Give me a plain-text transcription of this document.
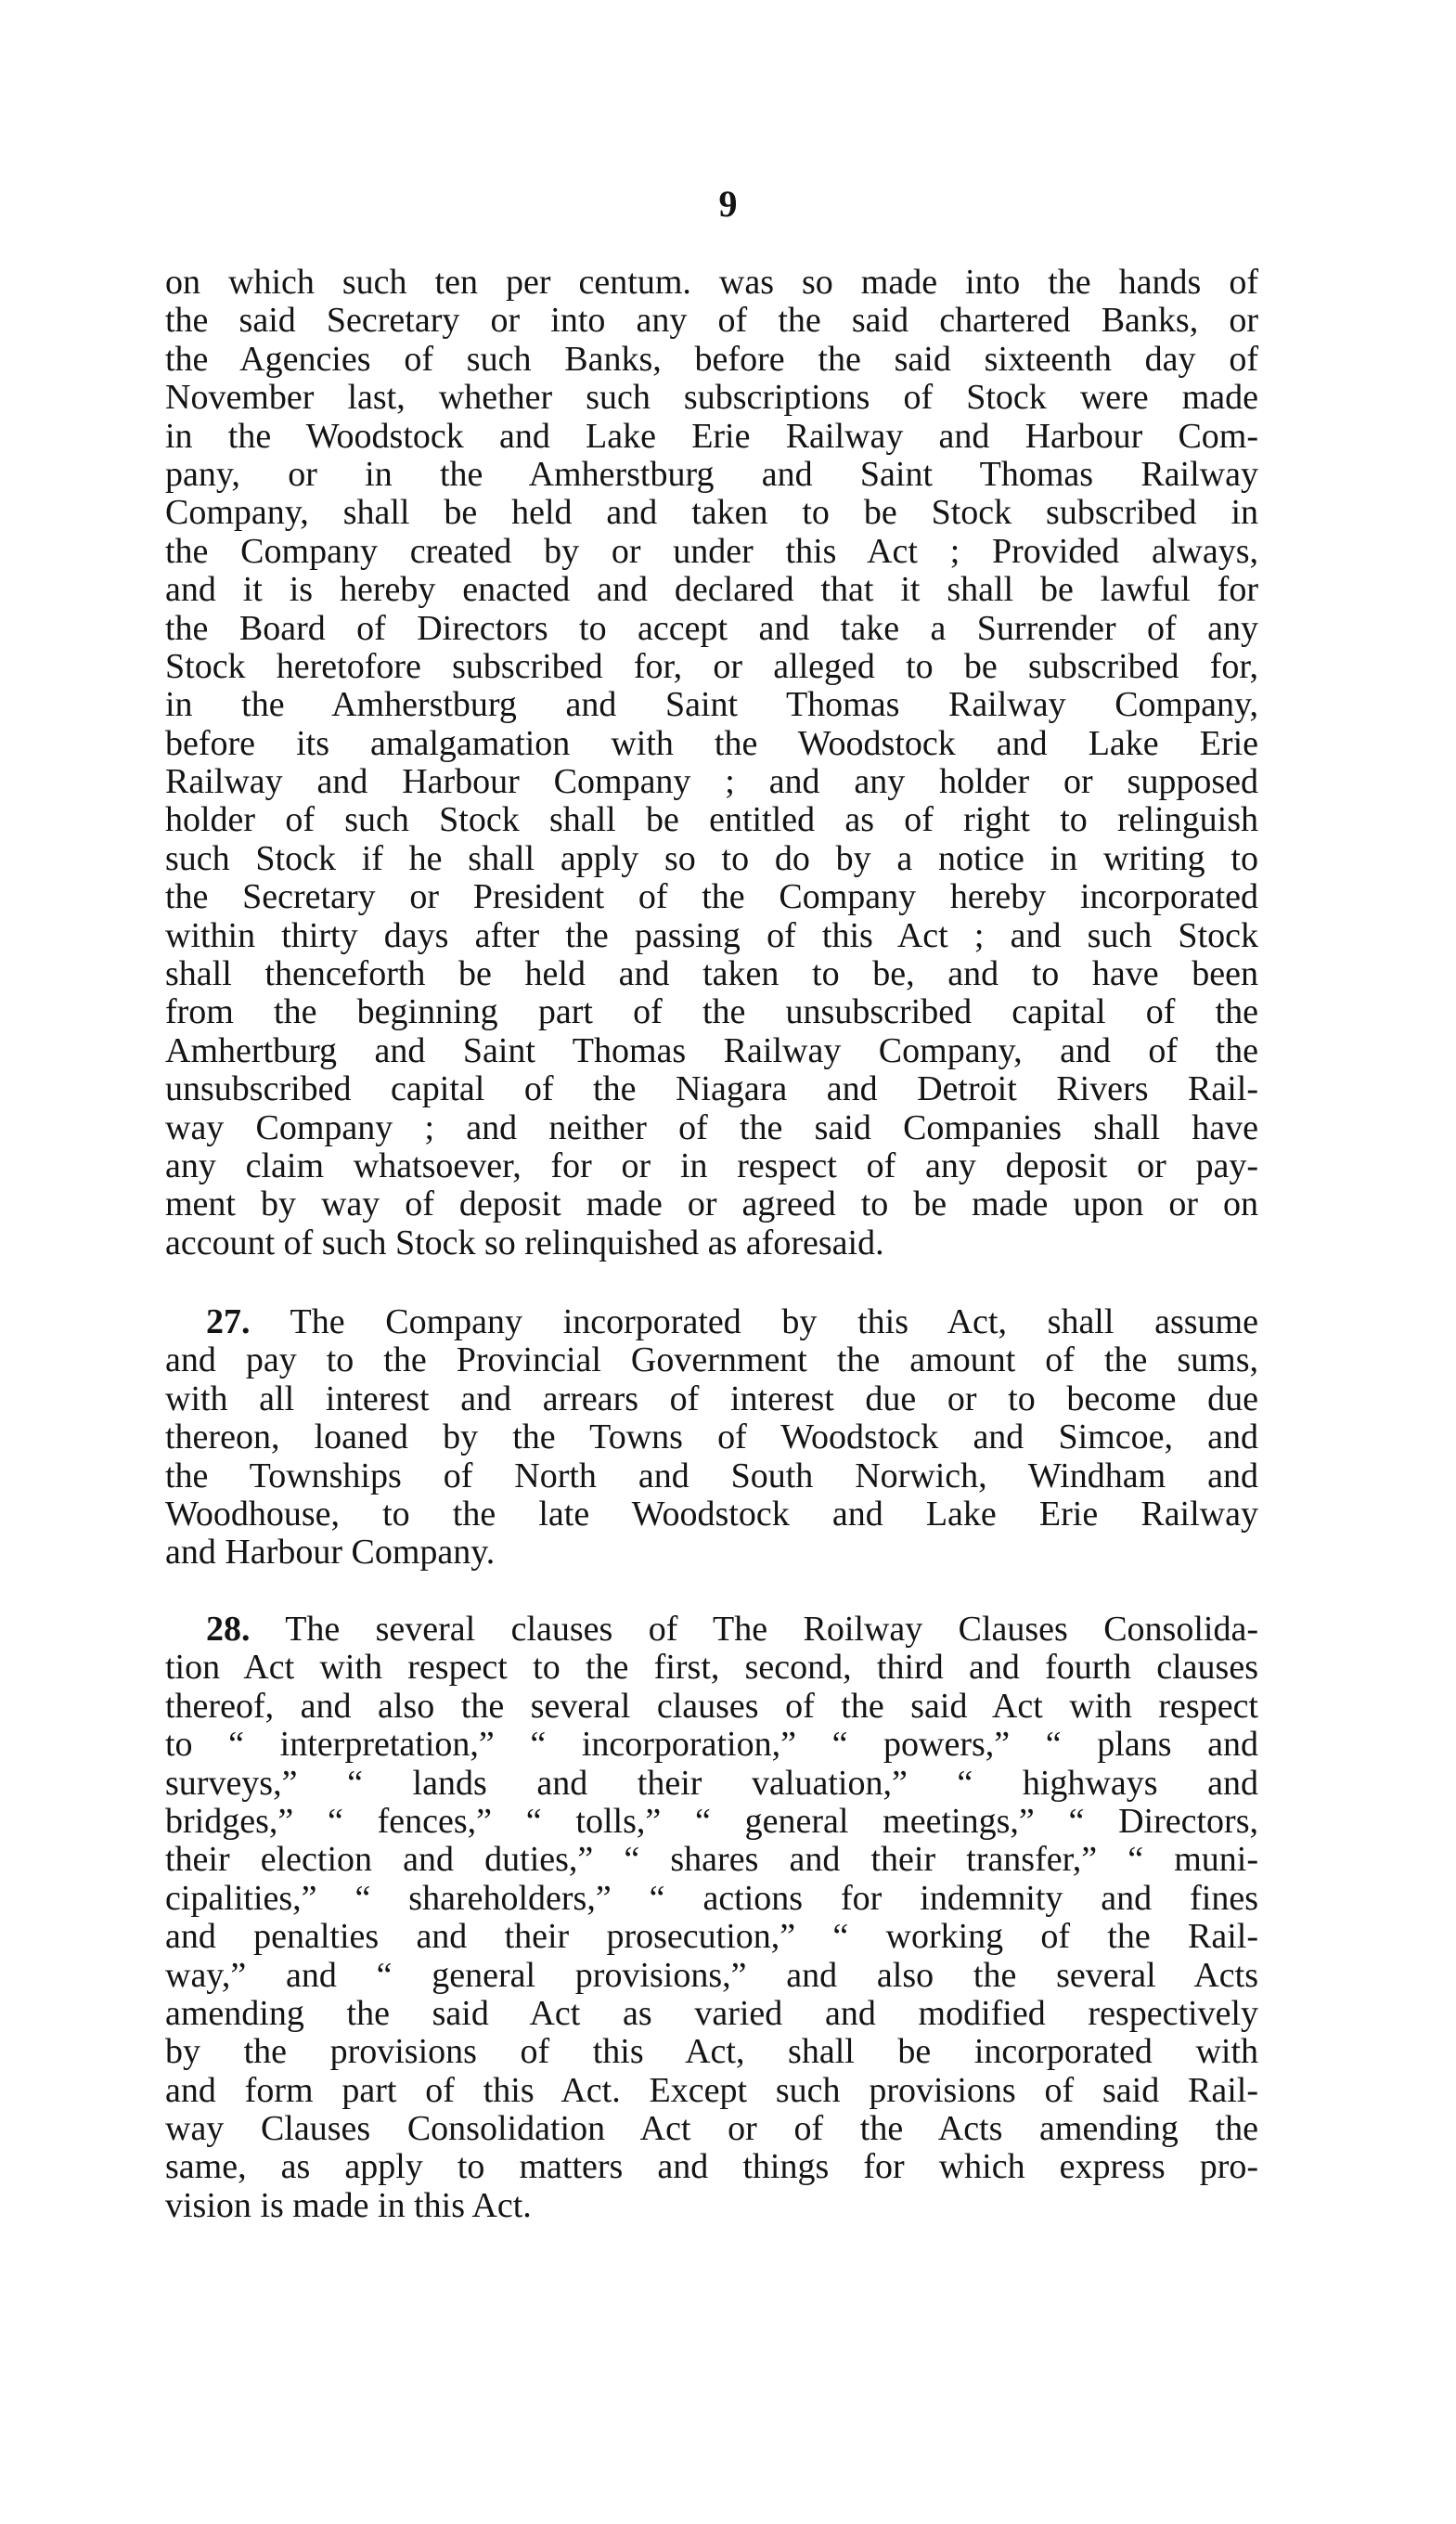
9
on which such ten per centum. was so made into the hands of
the said Secretary or into any of the said chartered Banks, or
the Agencies of such Banks, before the said sixteenth day of
November last, whether such subscriptions of Stock were made
in the Woodstock and Lake Erie Railway and Harbour Com-
pany, or in the Amherstburg and Saint Thomas Railway
Company, shall be held and taken to be Stock subscribed in
the Company created by or under this Act ; Provided always,
and it is hereby enacted and declared that it shall be lawful for
the Board of Directors to accept and take a Surrender of any
Stock heretofore subscribed for, or alleged to be subscribed for,
in the Amherstburg and Saint Thomas Railway Company,
before its amalgamation with the Woodstock and Lake Erie
Railway and Harbour Company ; and any holder or supposed
holder of such Stock shall be entitled as of right to relinguish
such Stock if he shall apply so to do by a notice in writing to
the Secretary or President of the Company hereby incorporated
within thirty days after the passing of this Act ; and such Stock
shall thenceforth be held and taken to be, and to have been
from the beginning part of the unsubscribed capital of the
Amhertburg and Saint Thomas Railway Company, and of the
unsubscribed capital of the Niagara and Detroit Rivers Rail-
way Company ; and neither of the said Companies shall have
any claim whatsoever, for or in respect of any deposit or pay-
ment by way of deposit made or agreed to be made upon or on
account of such Stock so relinquished as aforesaid.
27. The Company incorporated by this Act, shall assume
and pay to the Provincial Government the amount of the sums,
with all interest and arrears of interest due or to become due
thereon, loaned by the Towns of Woodstock and Simcoe, and
the Townships of North and South Norwich, Windham and
Woodhouse, to the late Woodstock and Lake Erie Railway
and Harbour Company.
28. The several clauses of The Roilway Clauses Consolida-
tion Act with respect to the first, second, third and fourth clauses
thereof, and also the several clauses of the said Act with respect
to “ interpretation,” “ incorporation,” “ powers,” “ plans and
surveys,” “ lands and their valuation,” “ highways and
bridges,” “ fences,” “ tolls,” “ general meetings,” “ Directors,
their election and duties,” “ shares and their transfer,” “ muni-
cipalities,” “ shareholders,” “ actions for indemnity and fines
and penalties and their prosecution,” “ working of the Rail-
way,” and “ general provisions,” and also the several Acts
amending the said Act as varied and modified respectively
by the provisions of this Act, shall be incorporated with
and form part of this Act. Except such provisions of said Rail-
way Clauses Consolidation Act or of the Acts amending the
same, as apply to matters and things for which express pro-
vision is made in this Act.
